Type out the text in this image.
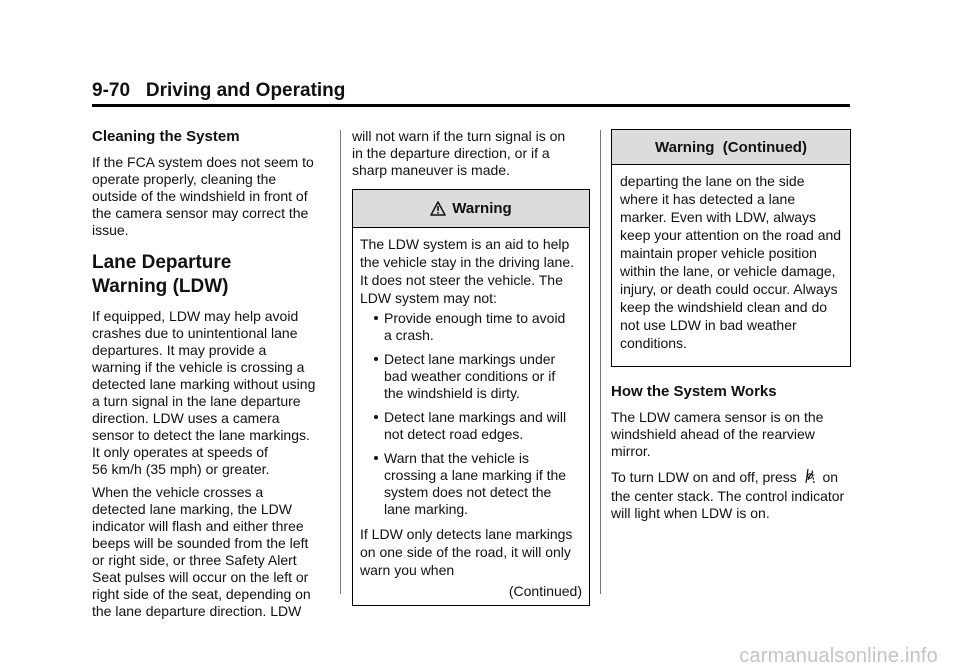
9-70 Driving and Operating
Cleaning the System

If the FCA system does not seem to
operate properly, cleaning the
outside of the windshield in front of
the camera sensor may correct the
issue.

Lane Departure
Warning (LDW)

If equipped, LDW may help avoid
crashes due to unintentional lane
departures. It may provide a
warning if the vehicle is crossing a
detected lane marking without using
a turn signal in the lane departure
direction. LDW uses a camera
sensor to detect the lane markings.
It only operates at speeds of
56 km/h (35 mph) or greater.

When the vehicle crosses a
detected lane marking, the LDW
indicator will flash and either three
beeps will be sounded from the left
or right side, or three Safety Alert
Seat pulses will occur on the left or
right side of the seat, depending on
the lane departure direction. LDW

will not warn if the turn signal is on
in the departure direction, or if a
sharp maneuver is made.

Warning

The LDW system is an aid to help the vehicle stay in the driving lane. It does not steer the vehicle. The LDW system may not:

Provide enough time to avoid
a crash.
Detect lane markings under
bad weather conditions or if
the windshield is dirty.
Detect lane markings and will
not detect road edges.
Warn that the vehicle is
crossing a lane marking if the
system does not detect the
lane marking.

If LDW only detects lane markings on one side of the road, it will only warn you when

(Continued)
Warning  (Continued)

departing the lane on the side where it has detected a lane marker. Even with LDW, always keep your attention on the road and maintain proper vehicle position within the lane, or vehicle damage, injury, or death could occur. Always keep the windshield clean and do not use LDW in bad weather conditions.

How the System Works

The LDW camera sensor is on the
windshield ahead of the rearview
mirror.

To turn LDW on and off, press on the center stack. The control indicator will light when LDW is on.

carmanualsonline.info
